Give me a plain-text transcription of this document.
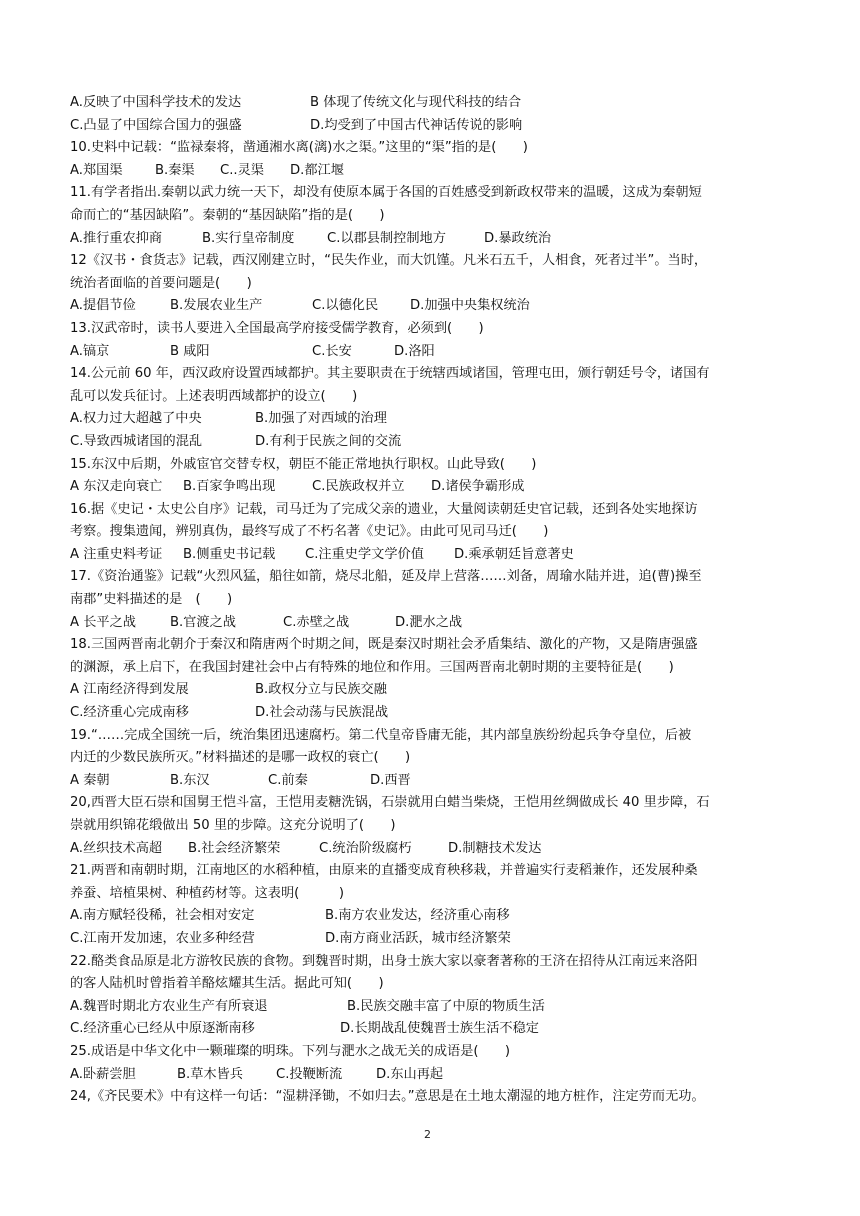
A.反映了中国科学技术的发达	B 体现了传统文化与现代科技的结合
C.凸显了中国综合国力的强盛	D.均受到了中国古代神话传说的影响
10.史料中记载：“监禄秦将，凿通湘水离(漓)水之渠。”这里的“渠”指的是(　　)
A.郑国渠 B.秦渠 C..灵渠 D.都江堰
11.有学者指出.秦朝以武力统一天下，却没有使原本属于各国的百姓感受到新政权带来的温暖，这成为秦朝短
命而亡的“基因缺陷”。秦朝的“基因缺陷”指的是(　　)
A.推行重农抑商	B.实行皇帝制度 C.以郡县制控制地方	D.暴政统治
12《汉书・食货志》记载，西汉刚建立时，“民失作业，而大饥馑。凡米石五千，人相食，死者过半”。当时，
统治者面临的首要问题是(　　)
A.提倡节俭	B.发展农业生产	C.以德化民 D.加强中央集权统治
13.汉武帝时，读书人要进入全国最高学府接受儒学教育，必须到(　　)
A.镐京	B 咸阳	C.长安	D.洛阳
14.公元前 60 年，西汉政府设置西域都护。其主要职责在于统辖西域诸国，管理屯田，颁行朝廷号令，诸国有
乱可以发兵征讨。上述表明西域都护的设立(　　)
A.权力过大超越了中央	B.加强了对西域的治理
C.导致西城诸国的混乱	D.有利于民族之间的交流
15.东汉中后期，外戚宦官交替专权，朝臣不能正常地执行职权。山此导致(　　)
A 东汉走向衰亡 B.百家争鸣出现	C.民族政权并立 D.诸侯争霸形成
16.据《史记・太史公自序》记载，司马迁为了完成父亲的遗业，大量阅读朝廷史官记载，还到各处实地探访
考察。搜集遗闻，辨别真伪，最终写成了不朽名著《史记》。由此可见司马迁(　　)
A 注重史料考证 B.侧重史书记载 C.注重史学文学价值 D.乘承朝廷旨意著史
17.《资治通鉴》记载“火烈风猛，船往如箭，烧尽北船，延及岸上营落……刘备，周瑜水陆并进，追(曹)操至
南郡”史料描述的是　(　　)
A 长平之战	B.官渡之战	C.赤壁之战	D.淝水之战
18.三国两晋南北朝介于秦汉和隋唐两个时期之间，既是秦汉时期社会矛盾集结、激化的产物，又是隋唐强盛
的渊源，承上启下，在我国封建社会中占有特殊的地位和作用。三国两晋南北朝时期的主要特征是(　　)
A 江南经济得到发展	B.政权分立与民族交融
C.经济重心完成南移	D.社会动荡与民族混战
19.“……完成全国统一后，统治集团迅速腐朽。第二代皇帝昏庸无能，其内部皇族纷纷起兵争夺皇位，后被
内迁的少数民族所灭。”材料描述的是哪一政权的衰亡(　　)
A 秦朝	B.东汉	C.前秦	D.西晋
20,西晋大臣石崇和国舅王恺斗富，王恺用麦糖洗锅，石崇就用白蜡当柴烧，王恺用丝绸做成长 40 里步障，石
崇就用织锦花缎做出 50 里的步障。这充分说明了(　　)
A.丝织技术高超 B.社会经济繁荣	C.统治阶级腐朽	D.制糖技术发达
21.两晋和南朝时期，江南地区的水稻种植，由原来的直播变成育秧移栽，并普遍实行麦稻兼作，还发展种桑
养蚕、培植果树、种植药材等。这表明(　　　)
A.南方赋轻役稀，社会相对安定	B.南方农业发达，经济重心南移
C.江南开发加速，农业多种经营	D.南方商业活跃，城市经济繁荣
22.酪类食品原是北方游牧民族的食物。到魏晋时期，出身士族大家以豪奢著称的王济在招待从江南远来洛阳
的客人陆机时曾指着羊酪炫耀其生活。据此可知(　　)
A.魏晋时期北方农业生产有所衰退	B.民族交融丰富了中原的物质生活
C.经济重心已经从中原逐渐南移	D.长期战乱使魏晋士族生活不稳定
25.成语是中华文化中一颗璀璨的明珠。下列与淝水之战无关的成语是(　　)
A.卧薪尝胆	B.草木皆兵	C.投鞭断流	D.东山再起
24,《齐民要术》中有这样一句话：“湿耕泽锄，不如归去。”意思是在土地太潮湿的地方桩作，注定劳而无功。
2
